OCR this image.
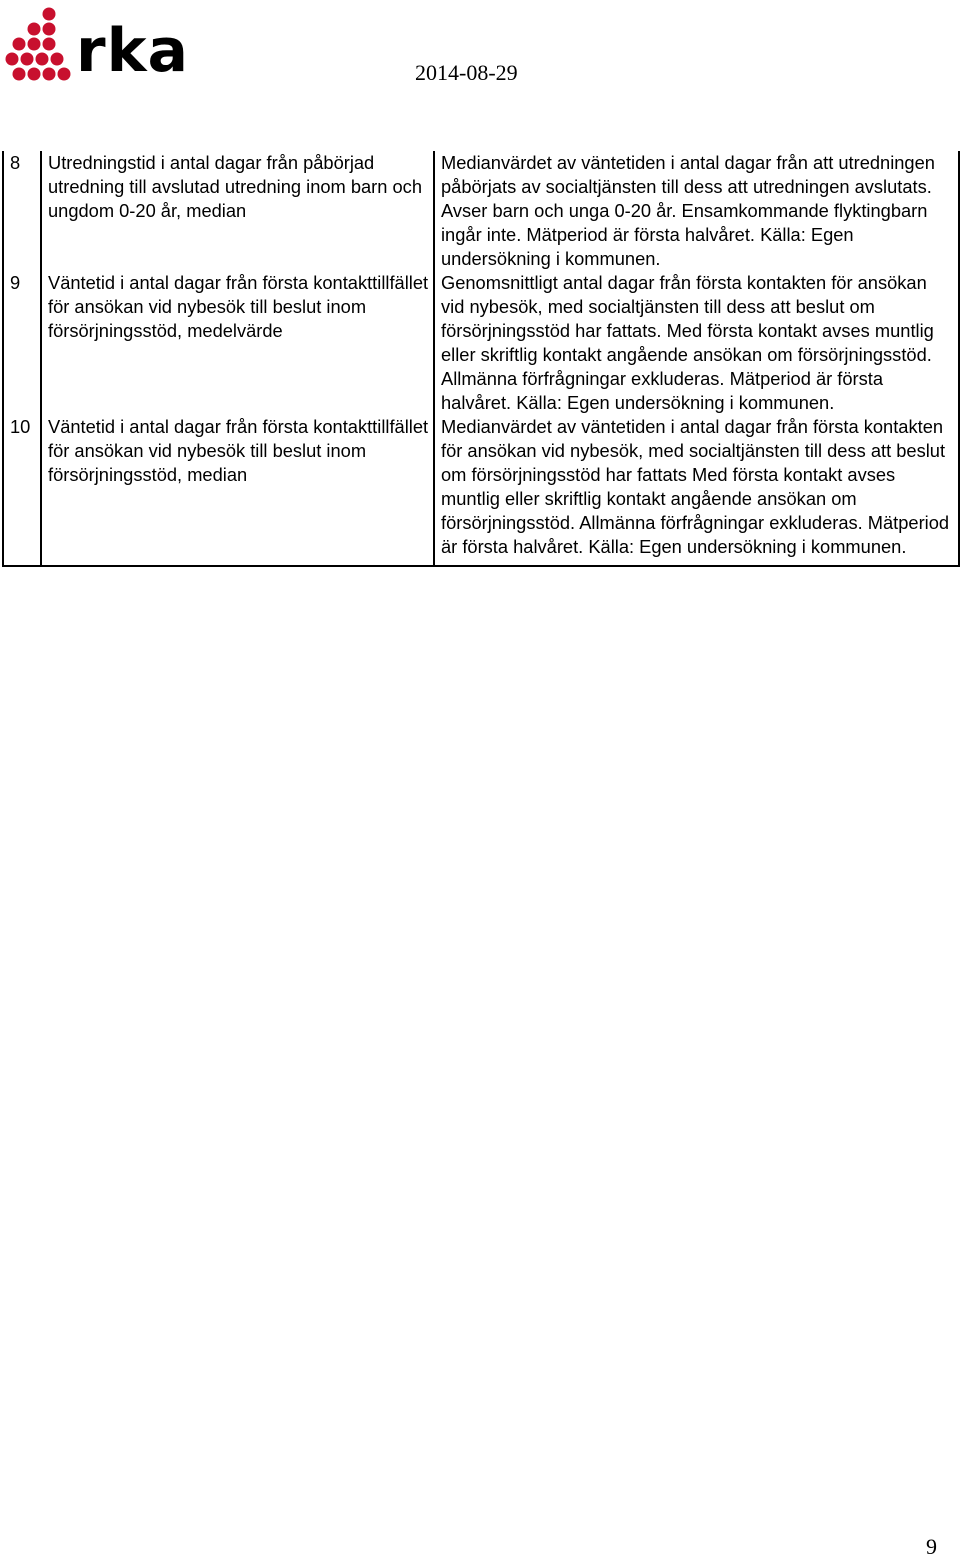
rka	2014-08-29
8	Utredningstid i antal dagar från påbörjad utredning till avslutad utredning inom barn och ungdom 0-20 år, median	Medianvärdet av väntetiden i antal dagar från att utredningen påbörjats av socialtjänsten till dess att utredningen avslutats. Avser barn och unga 0-20 år. Ensamkommande flyktingbarn ingår inte. Mätperiod är första halvåret. Källa: Egen undersökning i kommunen.
9	Väntetid i antal dagar från första kontakttillfället för ansökan vid nybesök till beslut inom försörjningsstöd, medelvärde	Genomsnittligt antal dagar från första kontakten för ansökan vid nybesök, med socialtjänsten till dess att beslut om försörjningsstöd har fattats. Med första kontakt avses muntlig eller skriftlig kontakt angående ansökan om försörjningsstöd. Allmänna förfrågningar exkluderas. Mätperiod är första halvåret. Källa: Egen undersökning i kommunen.
10	Väntetid i antal dagar från första kontakttillfället för ansökan vid nybesök till beslut inom försörjningsstöd, median	Medianvärdet av väntetiden i antal dagar från första kontakten för ansökan vid nybesök, med socialtjänsten till dess att beslut om försörjningsstöd har fattats Med första kontakt avses muntlig eller skriftlig kontakt angående ansökan om försörjningsstöd. Allmänna förfrågningar exkluderas. Mätperiod är första halvåret. Källa: Egen undersökning i kommunen.
9
